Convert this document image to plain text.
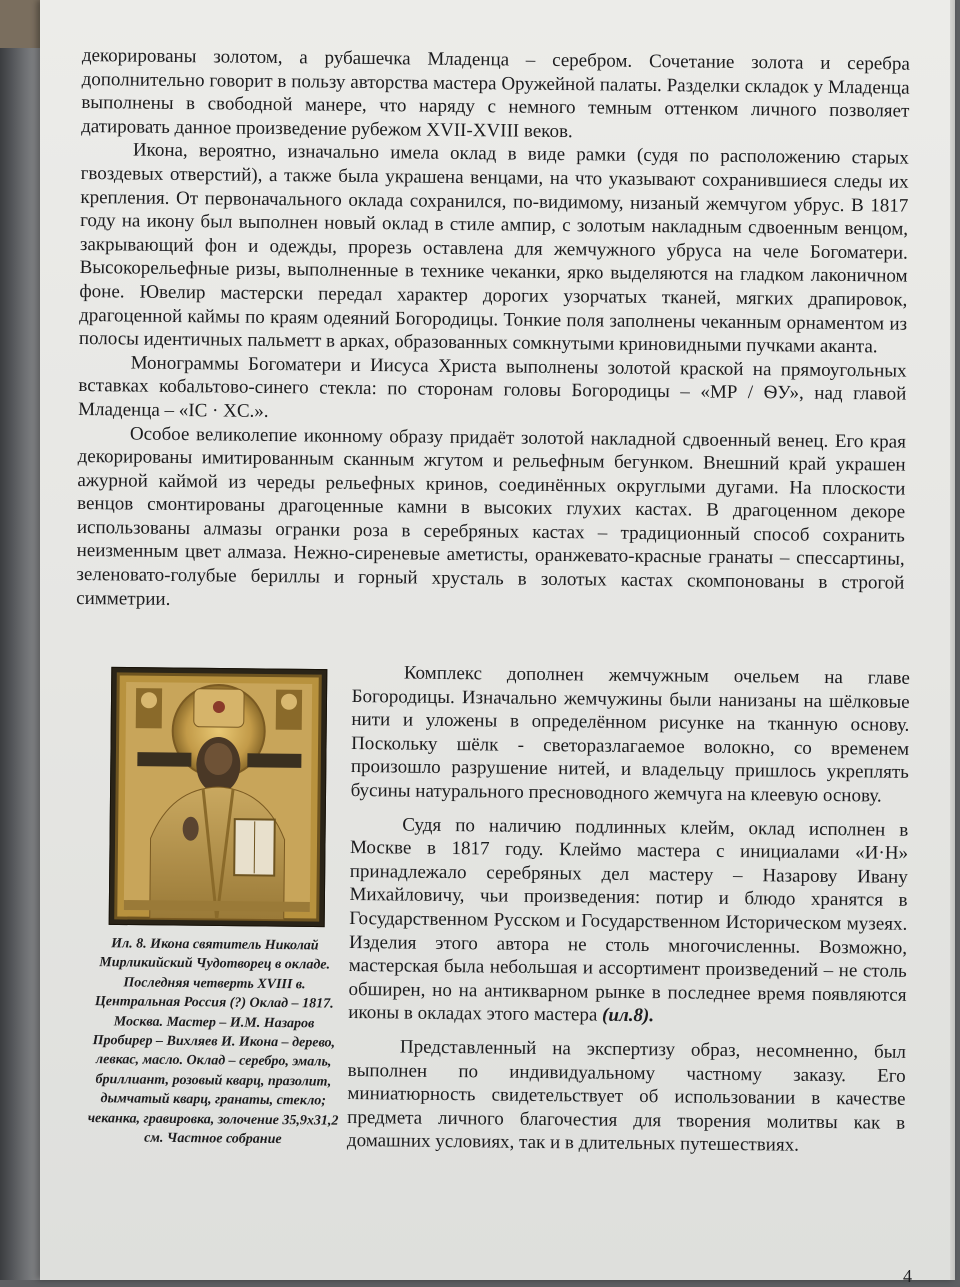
декорированы золотом, а рубашечка Младенца – серебром. Сочетание золота и серебра дополнительно говорит в пользу авторства мастера Оружейной палаты. Разделки складок у Младенца выполнены в свободной манере, что наряду с немного темным оттенком личного позволяет датировать данное произведение рубежом XVII-XVIII веков.

Икона, вероятно, изначально имела оклад в виде рамки (судя по расположению старых гвоздевых отверстий), а также была украшена венцами, на что указывают сохранившиеся следы их крепления. От первоначального оклада сохранился, по-видимому, низаный жемчугом убрус. В 1817 году на икону был выполнен новый оклад в стиле ампир, с золотым накладным сдвоенным венцом, закрывающий фон и одежды, прорезь оставлена для жемчужного убруса на челе Богоматери. Высокорельефные ризы, выполненные в технике чеканки, ярко выделяются на гладком лаконичном фоне. Ювелир мастерски передал характер дорогих узорчатых тканей, мягких драпировок, драгоценной каймы по краям одеяний Богородицы. Тонкие поля заполнены чеканным орнаментом из полосы идентичных пальметт в арках, образованных сомкнутыми криновидными пучками аканта.

Монограммы Богоматери и Иисуса Христа выполнены золотой краской на прямоугольных вставках кобальтово-синего стекла: по сторонам головы Богородицы – «МР / ѲУ», над главой Младенца – «IC · XC.».

Особое великолепие иконному образу придаёт золотой накладной сдвоенный венец. Его края декорированы имитированным сканным жгутом и рельефным бегунком. Внешний край украшен ажурной каймой из череды рельефных кринов, соединённых округлыми дугами. На плоскости венцов смонтированы драгоценные камни в высоких глухих кастах. В драгоценном декоре использованы алмазы огранки роза в серебряных кастах – традиционный способ сохранить неизменным цвет алмаза. Нежно-сиреневые аметисты, оранжевато-красные гранаты – спессартины, зеленовато-голубые бериллы и горный хрусталь в золотых кастах скомпонованы в строгой симметрии.

Ил. 8. Икона святитель Николай Мирликийский Чудотворец в окладе. Последняя четверть XVIII в. Центральная Россия (?) Оклад – 1817. Москва. Мастер – И.М. Назаров Пробирер – Вихляев И. Икона – дерево, левкас, масло. Оклад – серебро, эмаль, бриллиант, розовый кварц, празолит, дымчатый кварц, гранаты, стекло; чеканка, гравировка, золочение 35,9х31,2 см. Частное собрание

Комплекс дополнен жемчужным очельем на главе Богородицы. Изначально жемчужины были нанизаны на шёлковые нити и уложены в определённом рисунке на тканную основу. Поскольку шёлк - светоразлагаемое волокно, со временем произошло разрушение нитей, и владельцу пришлось укреплять бусины натурального пресноводного жемчуга на клеевую основу.

Судя по наличию подлинных клейм, оклад исполнен в Москве в 1817 году. Клеймо мастера с инициалами «И·Н» принадлежало серебряных дел мастеру – Назарову Ивану Михайловичу, чьи произведения: потир и блюдо хранятся в Государственном Русском и Государственном Историческом музеях. Изделия этого автора не столь многочисленны. Возможно, мастерская была небольшая и ассортимент произведений – не столь обширен, но на антикварном рынке в последнее время появляются иконы в окладах этого мастера (ил.8).

Представленный на экспертизу образ, несомненно, был выполнен по индивидуальному частному заказу. Его миниатюрность свидетельствует об использовании в качестве предмета личного благочестия для творения молитвы как в домашних условиях, так и в длительных путешествиях.

4
